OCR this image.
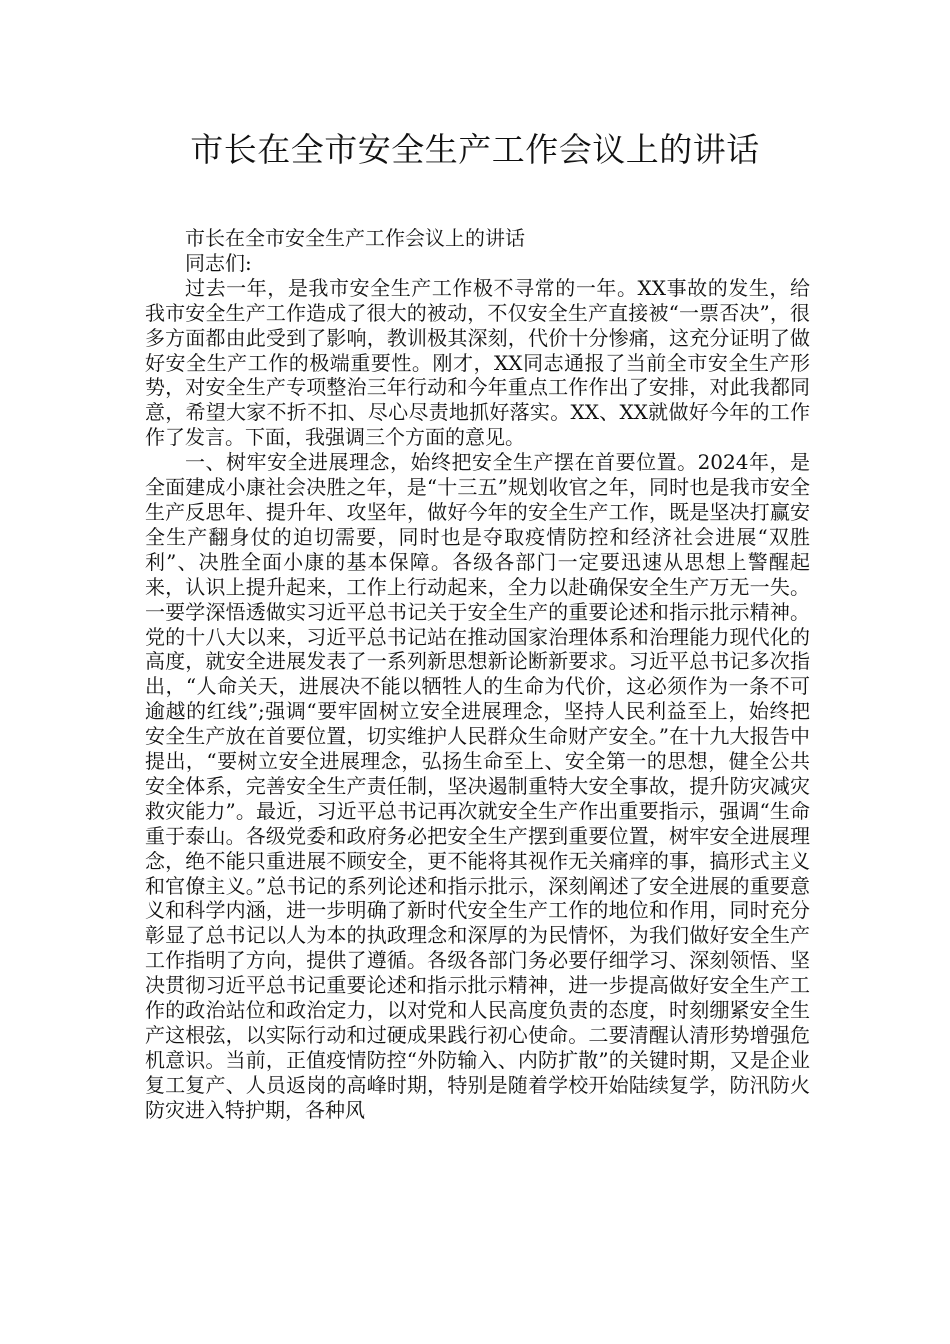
市长在全市安全生产工作会议上的讲话

市长在全市安全生产工作会议上的讲话

同志们:

过去一年，是我市安全生产工作极不寻常的一年。XX事故的发生，给我市安全生产工作造成了很大的被动，不仅安全生产直接被“一票否决”，很多方面都由此受到了影响，教训极其深刻，代价十分惨痛，这充分证明了做好安全生产工作的极端重要性。刚才，XX同志通报了当前全市安全生产形势，对安全生产专项整治三年行动和今年重点工作作出了安排，对此我都同意，希望大家不折不扣、尽心尽责地抓好落实。XX、XX就做好今年的工作作了发言。下面，我强调三个方面的意见。

一、树牢安全进展理念，始终把安全生产摆在首要位置。2024年，是全面建成小康社会决胜之年，是“十三五”规划收官之年，同时也是我市安全生产反思年、提升年、攻坚年，做好今年的安全生产工作，既是坚决打赢安全生产翻身仗的迫切需要，同时也是夺取疫情防控和经济社会进展“双胜利”、决胜全面小康的基本保障。各级各部门一定要迅速从思想上警醒起来，认识上提升起来，工作上行动起来，全力以赴确保安全生产万无一失。一要学深悟透做实习近平总书记关于安全生产的重要论述和指示批示精神。党的十八大以来，习近平总书记站在推动国家治理体系和治理能力现代化的高度，就安全进展发表了一系列新思想新论断新要求。习近平总书记多次指出，“人命关天，进展决不能以牺牲人的生命为代价，这必须作为一条不可逾越的红线”;强调“要牢固树立安全进展理念，坚持人民利益至上，始终把安全生产放在首要位置，切实维护人民群众生命财产安全。”在十九大报告中提出，“要树立安全进展理念，弘扬生命至上、安全第一的思想，健全公共安全体系，完善安全生产责任制，坚决遏制重特大安全事故，提升防灾减灾救灾能力”。最近，习近平总书记再次就安全生产作出重要指示，强调“生命重于泰山。各级党委和政府务必把安全生产摆到重要位置，树牢安全进展理念，绝不能只重进展不顾安全，更不能将其视作无关痛痒的事，搞形式主义和官僚主义。”总书记的系列论述和指示批示，深刻阐述了安全进展的重要意义和科学内涵，进一步明确了新时代安全生产工作的地位和作用，同时充分彰显了总书记以人为本的执政理念和深厚的为民情怀，为我们做好安全生产工作指明了方向，提供了遵循。各级各部门务必要仔细学习、深刻领悟、坚决贯彻习近平总书记重要论述和指示批示精神，进一步提高做好安全生产工作的政治站位和政治定力，以对党和人民高度负责的态度，时刻绷紧安全生产这根弦，以实际行动和过硬成果践行初心使命。二要清醒认清形势增强危机意识。当前，正值疫情防控“外防输入、内防扩散”的关键时期，又是企业复工复产、人员返岗的高峰时期，特别是随着学校开始陆续复学，防汛防火防灾进入特护期，各种风
